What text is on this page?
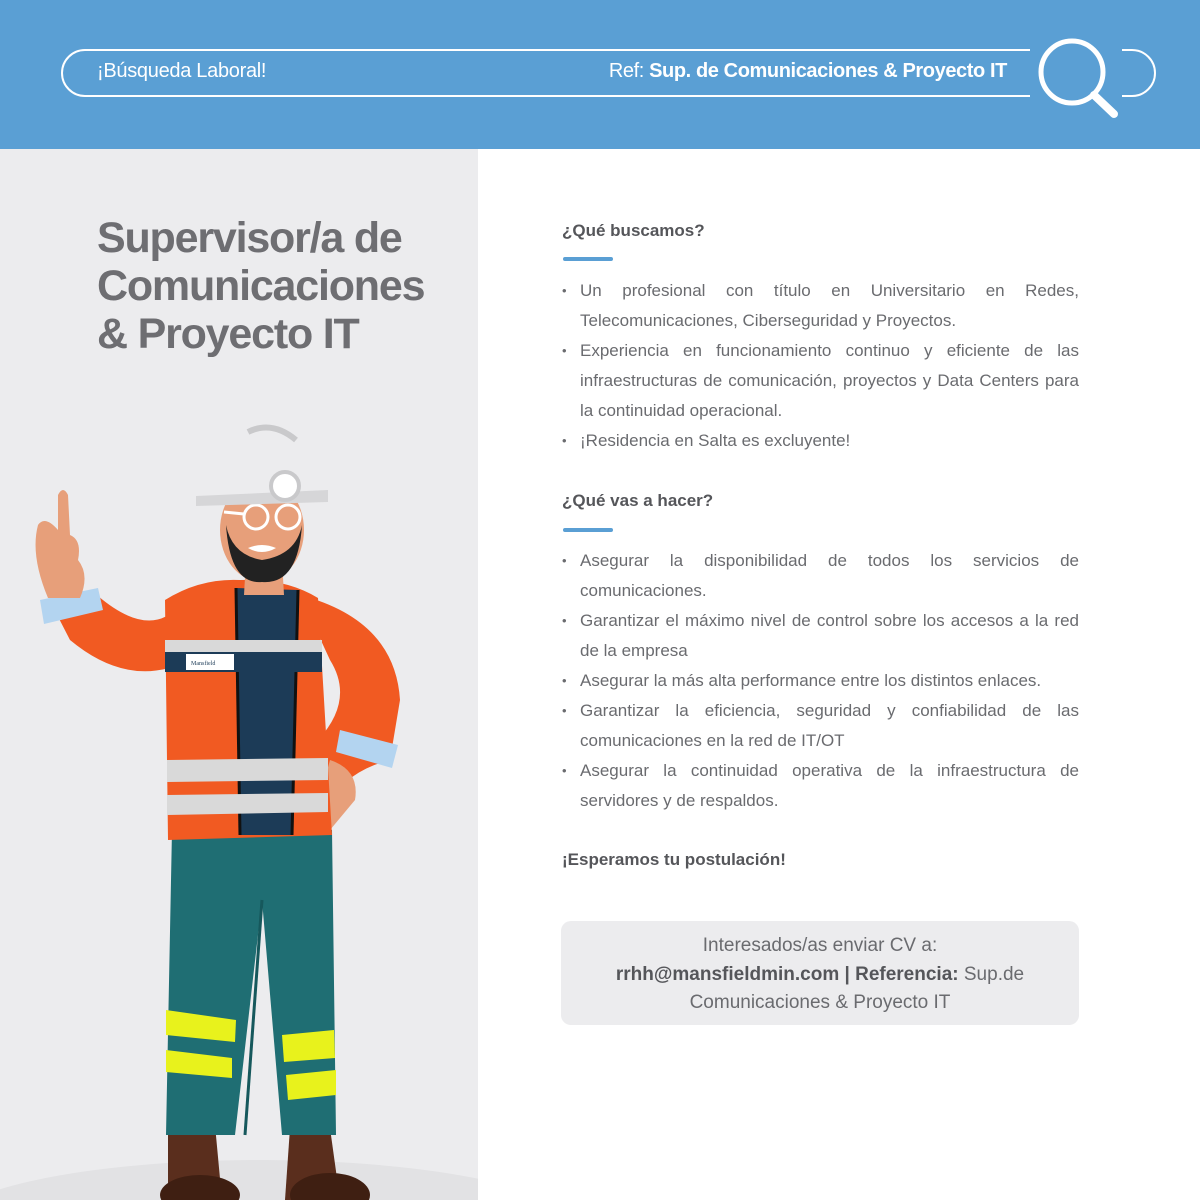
¡Búsqueda Laboral!	Ref: Sup. de Comunicaciones & Proyecto IT
Supervisor/a de
Comunicaciones
& Proyecto IT
Mansfield
¿Qué buscamos?
• Un profesional con título en Universitario en Redes, Telecomunicaciones, Ciberseguridad y Proyectos.
• Experiencia en funcionamiento continuo y eficiente de las infraestructuras de comunicación, proyectos y Data Centers para la continuidad operacional.
• ¡Residencia en Salta es excluyente!
¿Qué vas a hacer?
• Asegurar la disponibilidad de todos los servicios de comunicaciones.
• Garantizar el máximo nivel de control sobre los accesos a la red de la empresa
• Asegurar la más alta performance entre los distintos enlaces.
• Garantizar la eficiencia, seguridad y confiabilidad de las comunicaciones en la red de IT/OT
• Asegurar la continuidad operativa de la infraestructura de servidores y de respaldos.
¡Esperamos tu postulación!
Interesados/as enviar CV a:
rrhh@mansfieldmin.com | Referencia: Sup.de
Comunicaciones & Proyecto IT
